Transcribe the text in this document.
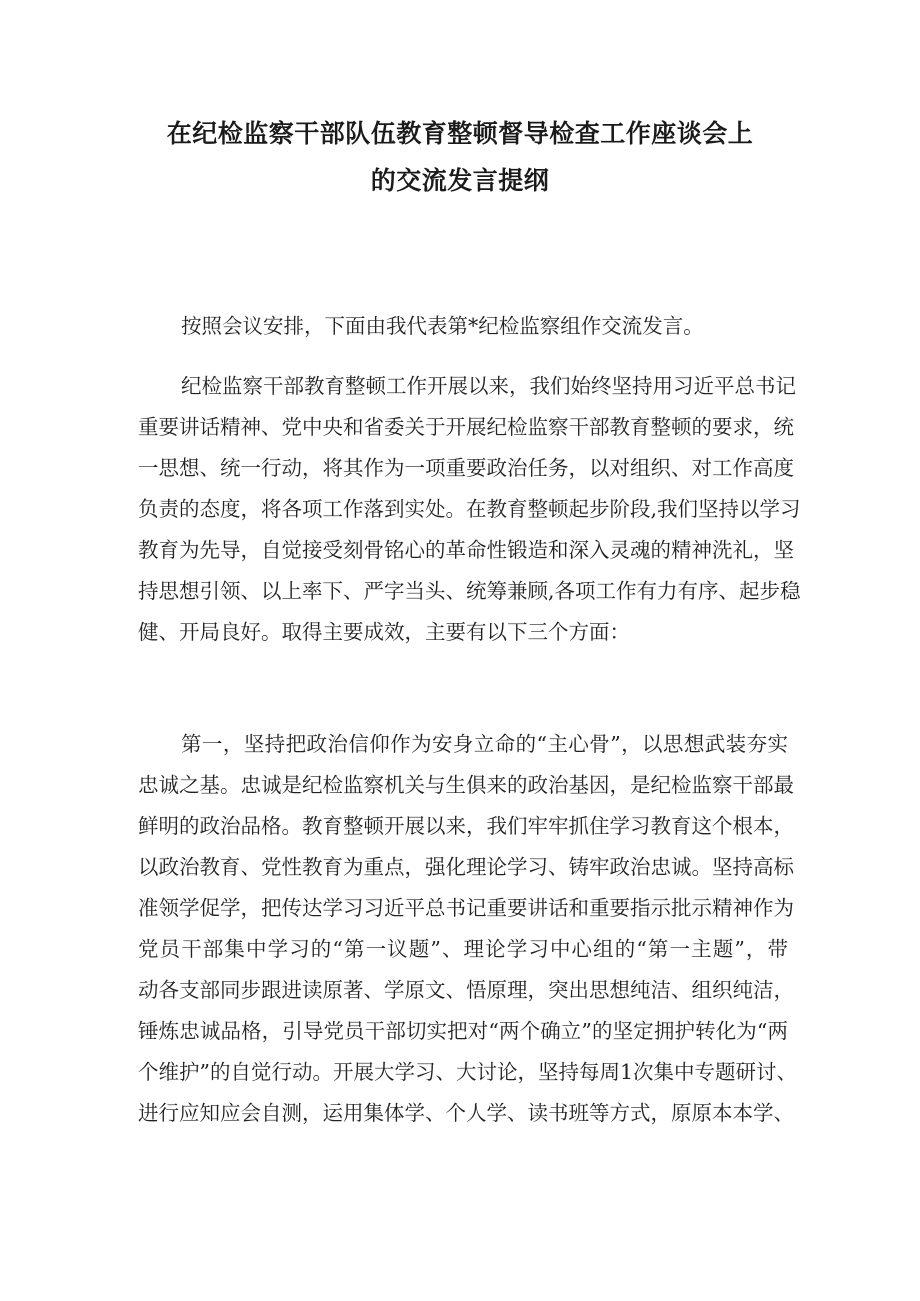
在纪检监察干部队伍教育整顿督导检查工作座谈会上
的交流发言提纲

按照会议安排，下面由我代表第*纪检监察组作交流发言。

纪检监察干部教育整顿工作开展以来，我们始终坚持用习近平总书记
重要讲话精神、党中央和省委关于开展纪检监察干部教育整顿的要求，统
一思想、统一行动，将其作为一项重要政治任务，以对组织、对工作高度
负责的态度，将各项工作落到实处。在教育整顿起步阶段,我们坚持以学习
教育为先导，自觉接受刻骨铭心的革命性锻造和深入灵魂的精神洗礼，坚
持思想引领、以上率下、严字当头、统筹兼顾,各项工作有力有序、起步稳
健、开局良好。取得主要成效，主要有以下三个方面：

第一，坚持把政治信仰作为安身立命的“主心骨”，以思想武装夯实
忠诚之基。忠诚是纪检监察机关与生俱来的政治基因，是纪检监察干部最
鲜明的政治品格。教育整顿开展以来，我们牢牢抓住学习教育这个根本，
以政治教育、党性教育为重点，强化理论学习、铸牢政治忠诚。坚持高标
准领学促学，把传达学习习近平总书记重要讲话和重要指示批示精神作为
党员干部集中学习的“第一议题”、理论学习中心组的“第一主题”，带
动各支部同步跟进读原著、学原文、悟原理，突出思想纯洁、组织纯洁，
锤炼忠诚品格，引导党员干部切实把对“两个确立”的坚定拥护转化为“两
个维护”的自觉行动。开展大学习、大讨论，坚持每周1次集中专题研讨、
进行应知应会自测，运用集体学、个人学、读书班等方式，原原本本学、
